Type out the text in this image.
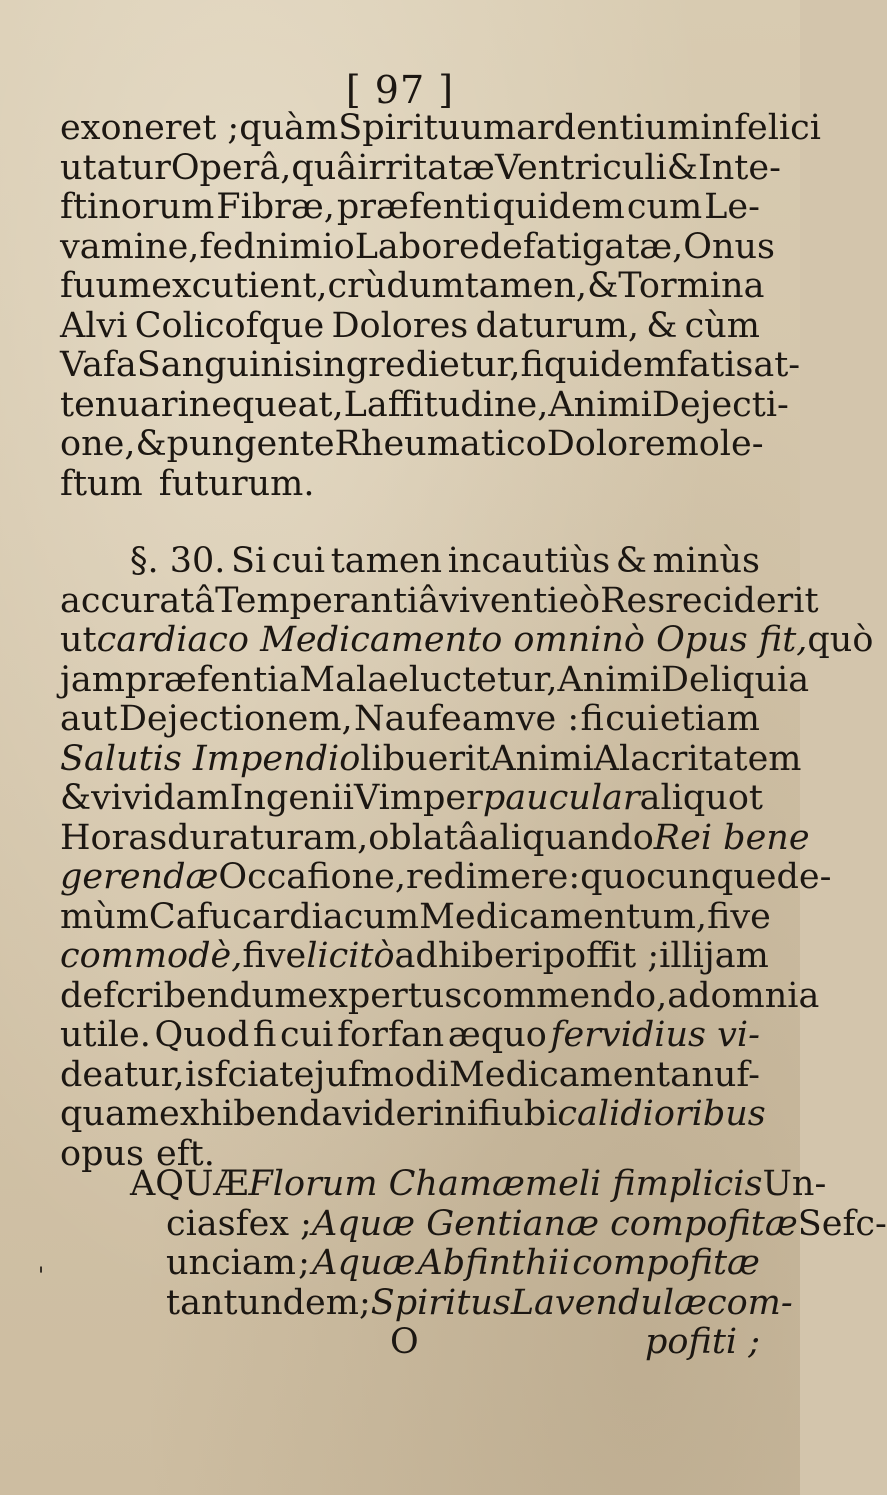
[ 97 ]
exoneret ; quàm Spirituum ardentium infelici
utatur Operâ, quâ irritatæ Ventriculi & Inte-
ftinorum Fibræ, præfenti quidem cum Le-
vamine, fed nimio Labore defatigatæ, Onus
fuum excutient, crùdum tamen, & Tormina
Alvi Colicofque Dolores daturum, & cùm
Vafa Sanguinis ingredietur, fiquidem fatis at-
tenuari nequeat, Laffitudine, Animi Dejecti-
one, & pungente Rheumatico Dolore mole-
ftum futurum.
§. 30. Si cui tamen incautiùs & minùs
accuratâ Temperantiâ viventi eò Res reciderit
ut cardiaco Medicamento omninò Opus fit, quò
jam præfentia Mala eluctetur, Animi Deliquia
aut Dejectionem, Naufeamve : fi cui etiam
Salutis Impendio libuerit Animi Alacritatem
& vividam Ingenii Vim per paucular aliquot
Horas duraturam, oblatâ aliquando Rei bene
gerendæ Occafione, redimere: quocunque de-
mùm Cafu cardiacum Medicamentum, five
commodè, five licitò adhiberi poffit ; illi jam
defcribendum expertus commendo, ad omnia
utile. Quod fi cui forfan æquo fervidius vi-
deatur, is fciat ejufmodi Medicamenta nuf-
quam exhibenda videri nifi ubi calidioribus
opus eft.
AQUÆ Florum Chamæmeli fimplicis Un-
cias fex ; Aquæ Gentianæ compofitæ Sefc-
unciam ; Aquæ Abfinthii compofitæ
tantundem ; Spiritus Lavendulæ com-
O	pofiti ;
'
